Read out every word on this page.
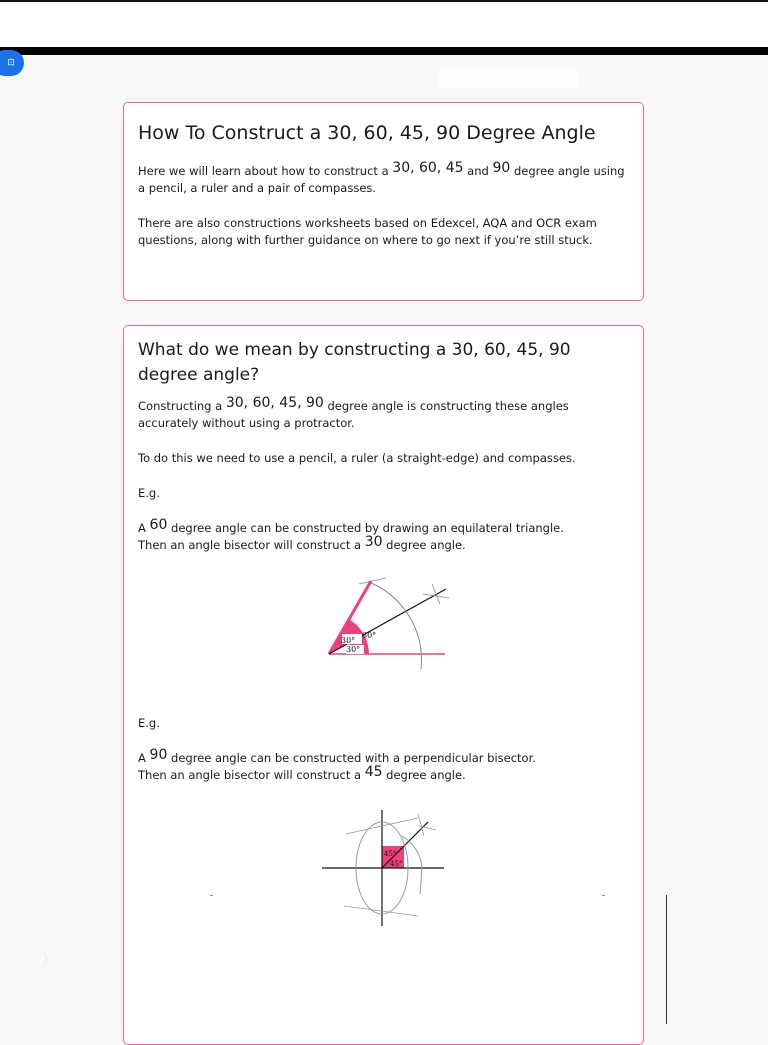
⊡
How To Construct a 30, 60, 45, 90 Degree Angle

Here we will learn about how to construct a 30, 60, 45 and 90 degree angle using a pencil, a ruler and a pair of compasses.

There are also constructions worksheets based on Edexcel, AQA and OCR exam questions, along with further guidance on where to go next if you’re still stuck.

What do we mean by constructing a 30, 60, 45, 90 degree angle?

Constructing a 30, 60, 45, 90 degree angle is constructing these angles accurately without using a protractor.

To do this we need to use a pencil, a ruler (a straight-edge) and compasses.

E.g.

A 60 degree angle can be constructed by drawing an equilateral triangle.
Then an angle bisector will construct a 30 degree angle.

60°
30°
30°

E.g.

A 90 degree angle can be constructed with a perpendicular bisector.
Then an angle bisector will construct a 45 degree angle.

45°
45°
